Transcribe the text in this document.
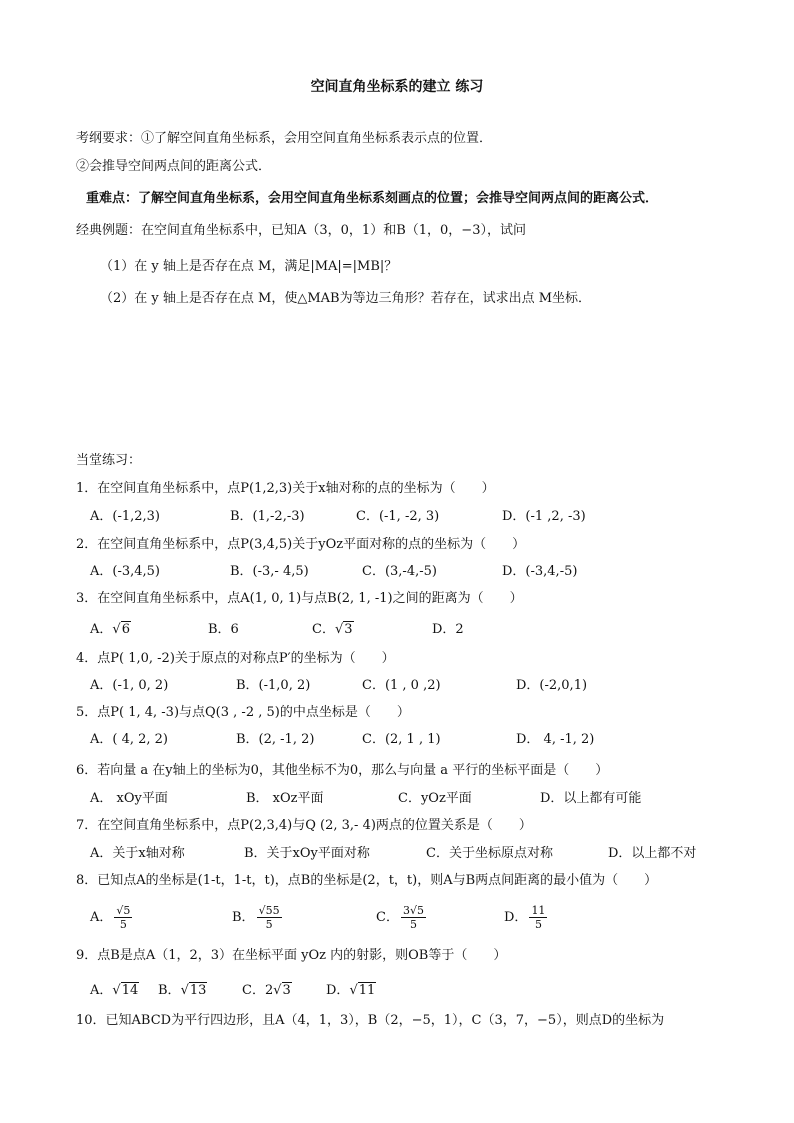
空间直角坐标系的建立 练习
考纲要求：①了解空间直角坐标系，会用空间直角坐标系表示点的位置．
②会推导空间两点间的距离公式．
重难点：了解空间直角坐标系，会用空间直角坐标系刻画点的位置；会推导空间两点间的距离公式．
经典例题：在空间直角坐标系中，已知A（3，0，1）和B（1，0，−3），试问
（1）在 y 轴上是否存在点 M，满足|MA|=|MB|？
（2）在 y 轴上是否存在点 M，使△MAB为等边三角形？若存在，试求出点 M坐标．
当堂练习：
1．在空间直角坐标系中，点P(1,2,3)关于x轴对称的点的坐标为（　　）
A．(-1,2,3)	B．(1,-2,-3)	C．(-1, -2, 3)	D．(-1 ,2, -3)
2．在空间直角坐标系中，点P(3,4,5)关于yOz平面对称的点的坐标为（　　）
A．(-3,4,5)	B．(-3,- 4,5)	C．(3,-4,-5)	D．(-3,4,-5)
3．在空间直角坐标系中，点A(1, 0, 1)与点B(2, 1, -1)之间的距离为（　　）
A．√6	B．6	C．√3	D．2
4．点P( 1,0, -2)关于原点的对称点P′的坐标为（　　）
A．(-1, 0, 2)	B．(-1,0, 2)	C．(1 , 0 ,2)	D．(-2,0,1)
5．点P( 1, 4, -3)与点Q(3 , -2 , 5)的中点坐标是（　　）
A．( 4, 2, 2)	B．(2, -1, 2)	C．(2, 1 , 1)	D． 4, -1, 2)
6．若向量 a 在y轴上的坐标为0，其他坐标不为0，那么与向量 a 平行的坐标平面是（　　）
A． xOy平面	B． xOz平面	C．yOz平面	D．以上都有可能
7．在空间直角坐标系中，点P(2,3,4)与Q (2, 3,- 4)两点的位置关系是（　　）
A．关于x轴对称	B．关于xOy平面对称	C．关于坐标原点对称	D．以上都不对
8．已知点A的坐标是(1-t，1-t，t)，点B的坐标是(2，t，t)，则A与B两点间距离的最小值为（　　）
A． $\frac{√5}{5}$	B． $\frac{√55}{5}$	C． $\frac{3√5}{5}$	D． $\frac{11}{5}$
9．点B是点A（1，2，3）在坐标平面 yOz 内的射影，则OB等于（　　）
A．√14 B．√13	C．2√3	D．√11
10．已知ABCD为平行四边形，且A（4，1，3），B（2，−5，1），C（3，7，−5），则点D的坐标为
